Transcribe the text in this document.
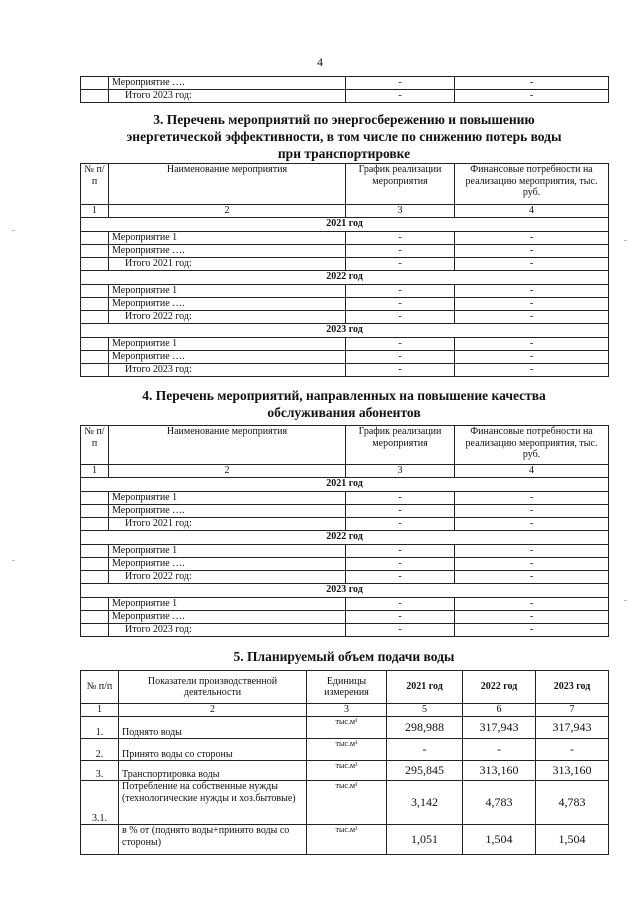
4
	Мероприятие ….	-	-
	Итого 2023 год:	-	-
3. Перечень мероприятий по энергосбережению и повышению
энергетической эффективности, в том числе по снижению потерь воды
при транспортировке
№ п/п	Наименование мероприятия	График реализации мероприятия	Финансовые потребности на реализацию мероприятия, тыс. руб.
1	2	3	4
2021 год			
	Мероприятие 1	-	-
	Мероприятие ….	-	-
	Итого 2021 год:	-	-
2022 год			
	Мероприятие 1	-	-
	Мероприятие ….	-	-
	Итого 2022 год:	-	-
2023 год			
	Мероприятие 1	-	-
	Мероприятие ….	-	-
	Итого 2023 год:	-	-
4. Перечень мероприятий, направленных на повышение качества
обслуживания абонентов
№ п/п	Наименование мероприятия	График реализации мероприятия	Финансовые потребности на реализацию мероприятия, тыс. руб.
1	2	3	4
2021 год			
	Мероприятие 1	-	-
	Мероприятие ….	-	-
	Итого 2021 год:	-	-
2022 год			
	Мероприятие 1	-	-
	Мероприятие ….	-	-
	Итого 2022 год:	-	-
2023 год			
	Мероприятие 1	-	-
	Мероприятие ….	-	-
	Итого 2023 год:	-	-
5. Планируемый объем подачи воды
№ п/п	Показатели производственной деятельности	Единицы измерения	2021 год	2022 год	2023 год
1	2	3	5	6	7
1.	Поднято воды	тыс.м³	298,988	317,943	317,943
2.	Принято воды со стороны	тыс.м³	-	-	-
3.	Транспортировка воды	тыс.м³	295,845	313,160	313,160
3.1.	Потребление на собственные нужды (технологические нужды и хоз.бытовые)	тыс.м³	3,142	4,783	4,783
	в % от (поднято воды+принято воды со стороны)	тыс.м³	1,051	1,504	1,504
